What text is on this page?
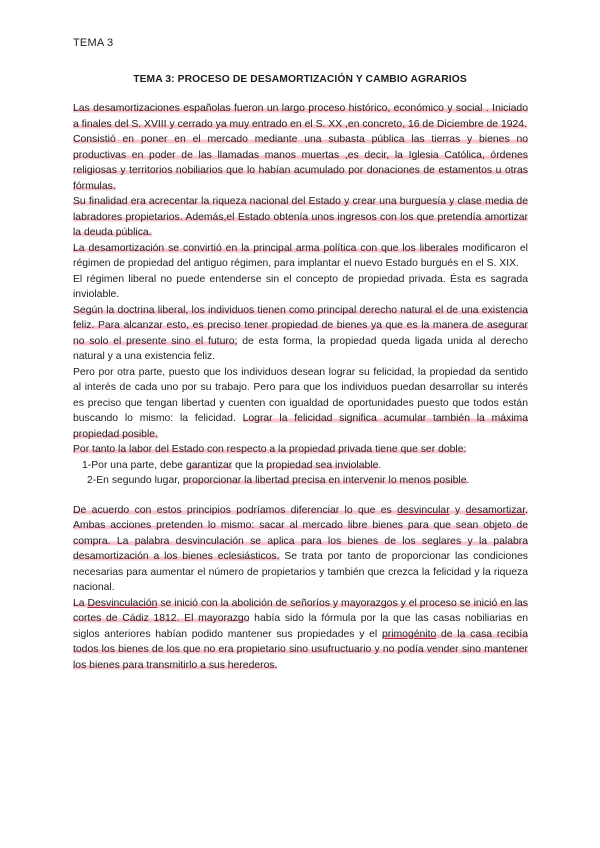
TEMA 3
TEMA 3: PROCESO DE DESAMORTIZACIÓN Y CAMBIO AGRARIOS

Las desamortizaciones españolas fueron un largo proceso histórico, económico y social . Iniciado a finales del S. XVIII y cerrado ya muy entrado en el S. XX ,en concreto, 16 de Diciembre de 1924.

Consistió en poner en el mercado mediante una subasta pública las tierras y bienes no productivas en poder de las llamadas manos muertas ,es decir, la Iglesia Católica, órdenes religiosas y territorios nobiliarios que lo habían acumulado por donaciones de estamentos u otras fórmulas.

Su finalidad era acrecentar la riqueza nacional del Estado y crear una burguesía y clase media de labradores propietarios. Además,el Estado obtenía unos ingresos con los que pretendía amortizar la deuda pública.

La desamortización se convirtió en la principal arma política con que los liberales modificaron el régimen de propiedad del antiguo régimen, para implantar el nuevo Estado burgués en el S. XIX.

El régimen liberal no puede entenderse sin el concepto de propiedad privada. Ésta es sagrada inviolable.

Según la doctrina liberal, los individuos tienen como principal derecho natural el de una existencia feliz. Para alcanzar esto, es preciso tener propiedad de bienes ya que es la manera de asegurar no solo el presente sino el futuro; de esta forma, la propiedad queda ligada unida al derecho natural y a una existencia feliz.

Pero por otra parte, puesto que los individuos desean lograr su felicidad, la propiedad da sentido al interés de cada uno por su trabajo. Pero para que los individuos puedan desarrollar su interés es preciso que tengan libertad y cuenten con igualdad de oportunidades puesto que todos están buscando lo mismo: la felicidad. Lograr la felicidad significa acumular también la máxima propiedad posible.

Por tanto la labor del Estado con respecto a la propiedad privada tiene que ser doble:

1-Por una parte, debe garantizar que la propiedad sea inviolable.

2-En segundo lugar, proporcionar la libertad precisa en intervenir lo menos posible.

De acuerdo con estos principios podríamos diferenciar lo que es desvincular y desamortizar. Ambas acciones pretenden lo mismo: sacar al mercado libre bienes para que sean objeto de compra. La palabra desvinculación se aplica para los bienes de los seglares y la palabra desamortización a los bienes eclesiásticos. Se trata por tanto de proporcionar las condiciones necesarias para aumentar el número de propietarios y también que crezca la felicidad y la riqueza nacional.

La Desvinculación se inició con la abolición de señoríos y mayorazgos y el proceso se inició en las cortes de Cádiz 1812. El mayorazgo había sido la fórmula por la que las casas nobiliarias en siglos anteriores habían podido mantener sus propiedades y el primogénito de la casa recibía todos los bienes de los que no era propietario sino usufructuario y no podía vender sino mantener los bienes para transmitirlo a sus herederos.
